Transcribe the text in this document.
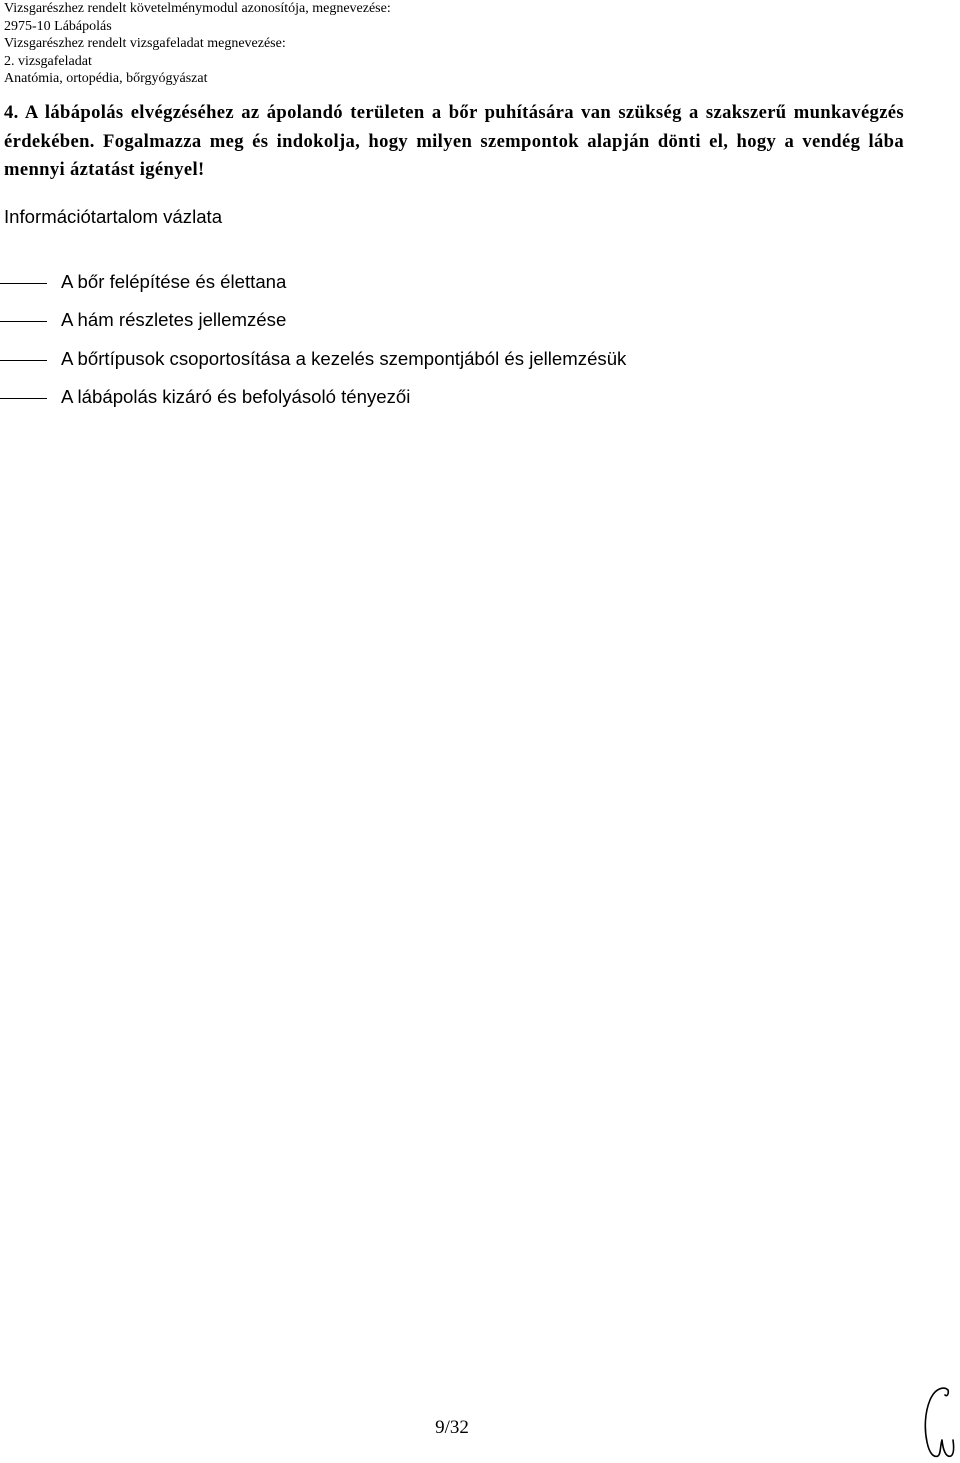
Vizsgarészhez rendelt követelménymodul azonosítója, megnevezése:
2975-10 Lábápolás
Vizsgarészhez rendelt vizsgafeladat megnevezése:
2. vizsgafeladat
Anatómia, ortopédia, bőrgyógyászat
4. A lábápolás elvégzéséhez az ápolandó területen a bőr puhítására van szükség a szakszerű munkavégzés érdekében. Fogalmazza meg és indokolja, hogy milyen szempontok alapján dönti el, hogy a vendég lába mennyi áztatást igényel!
Információtartalom vázlata
A bőr felépítése és élettana
A hám részletes jellemzése
A bőrtípusok csoportosítása a kezelés szempontjából és jellemzésük
A lábápolás kizáró és befolyásoló tényezői
9/32
